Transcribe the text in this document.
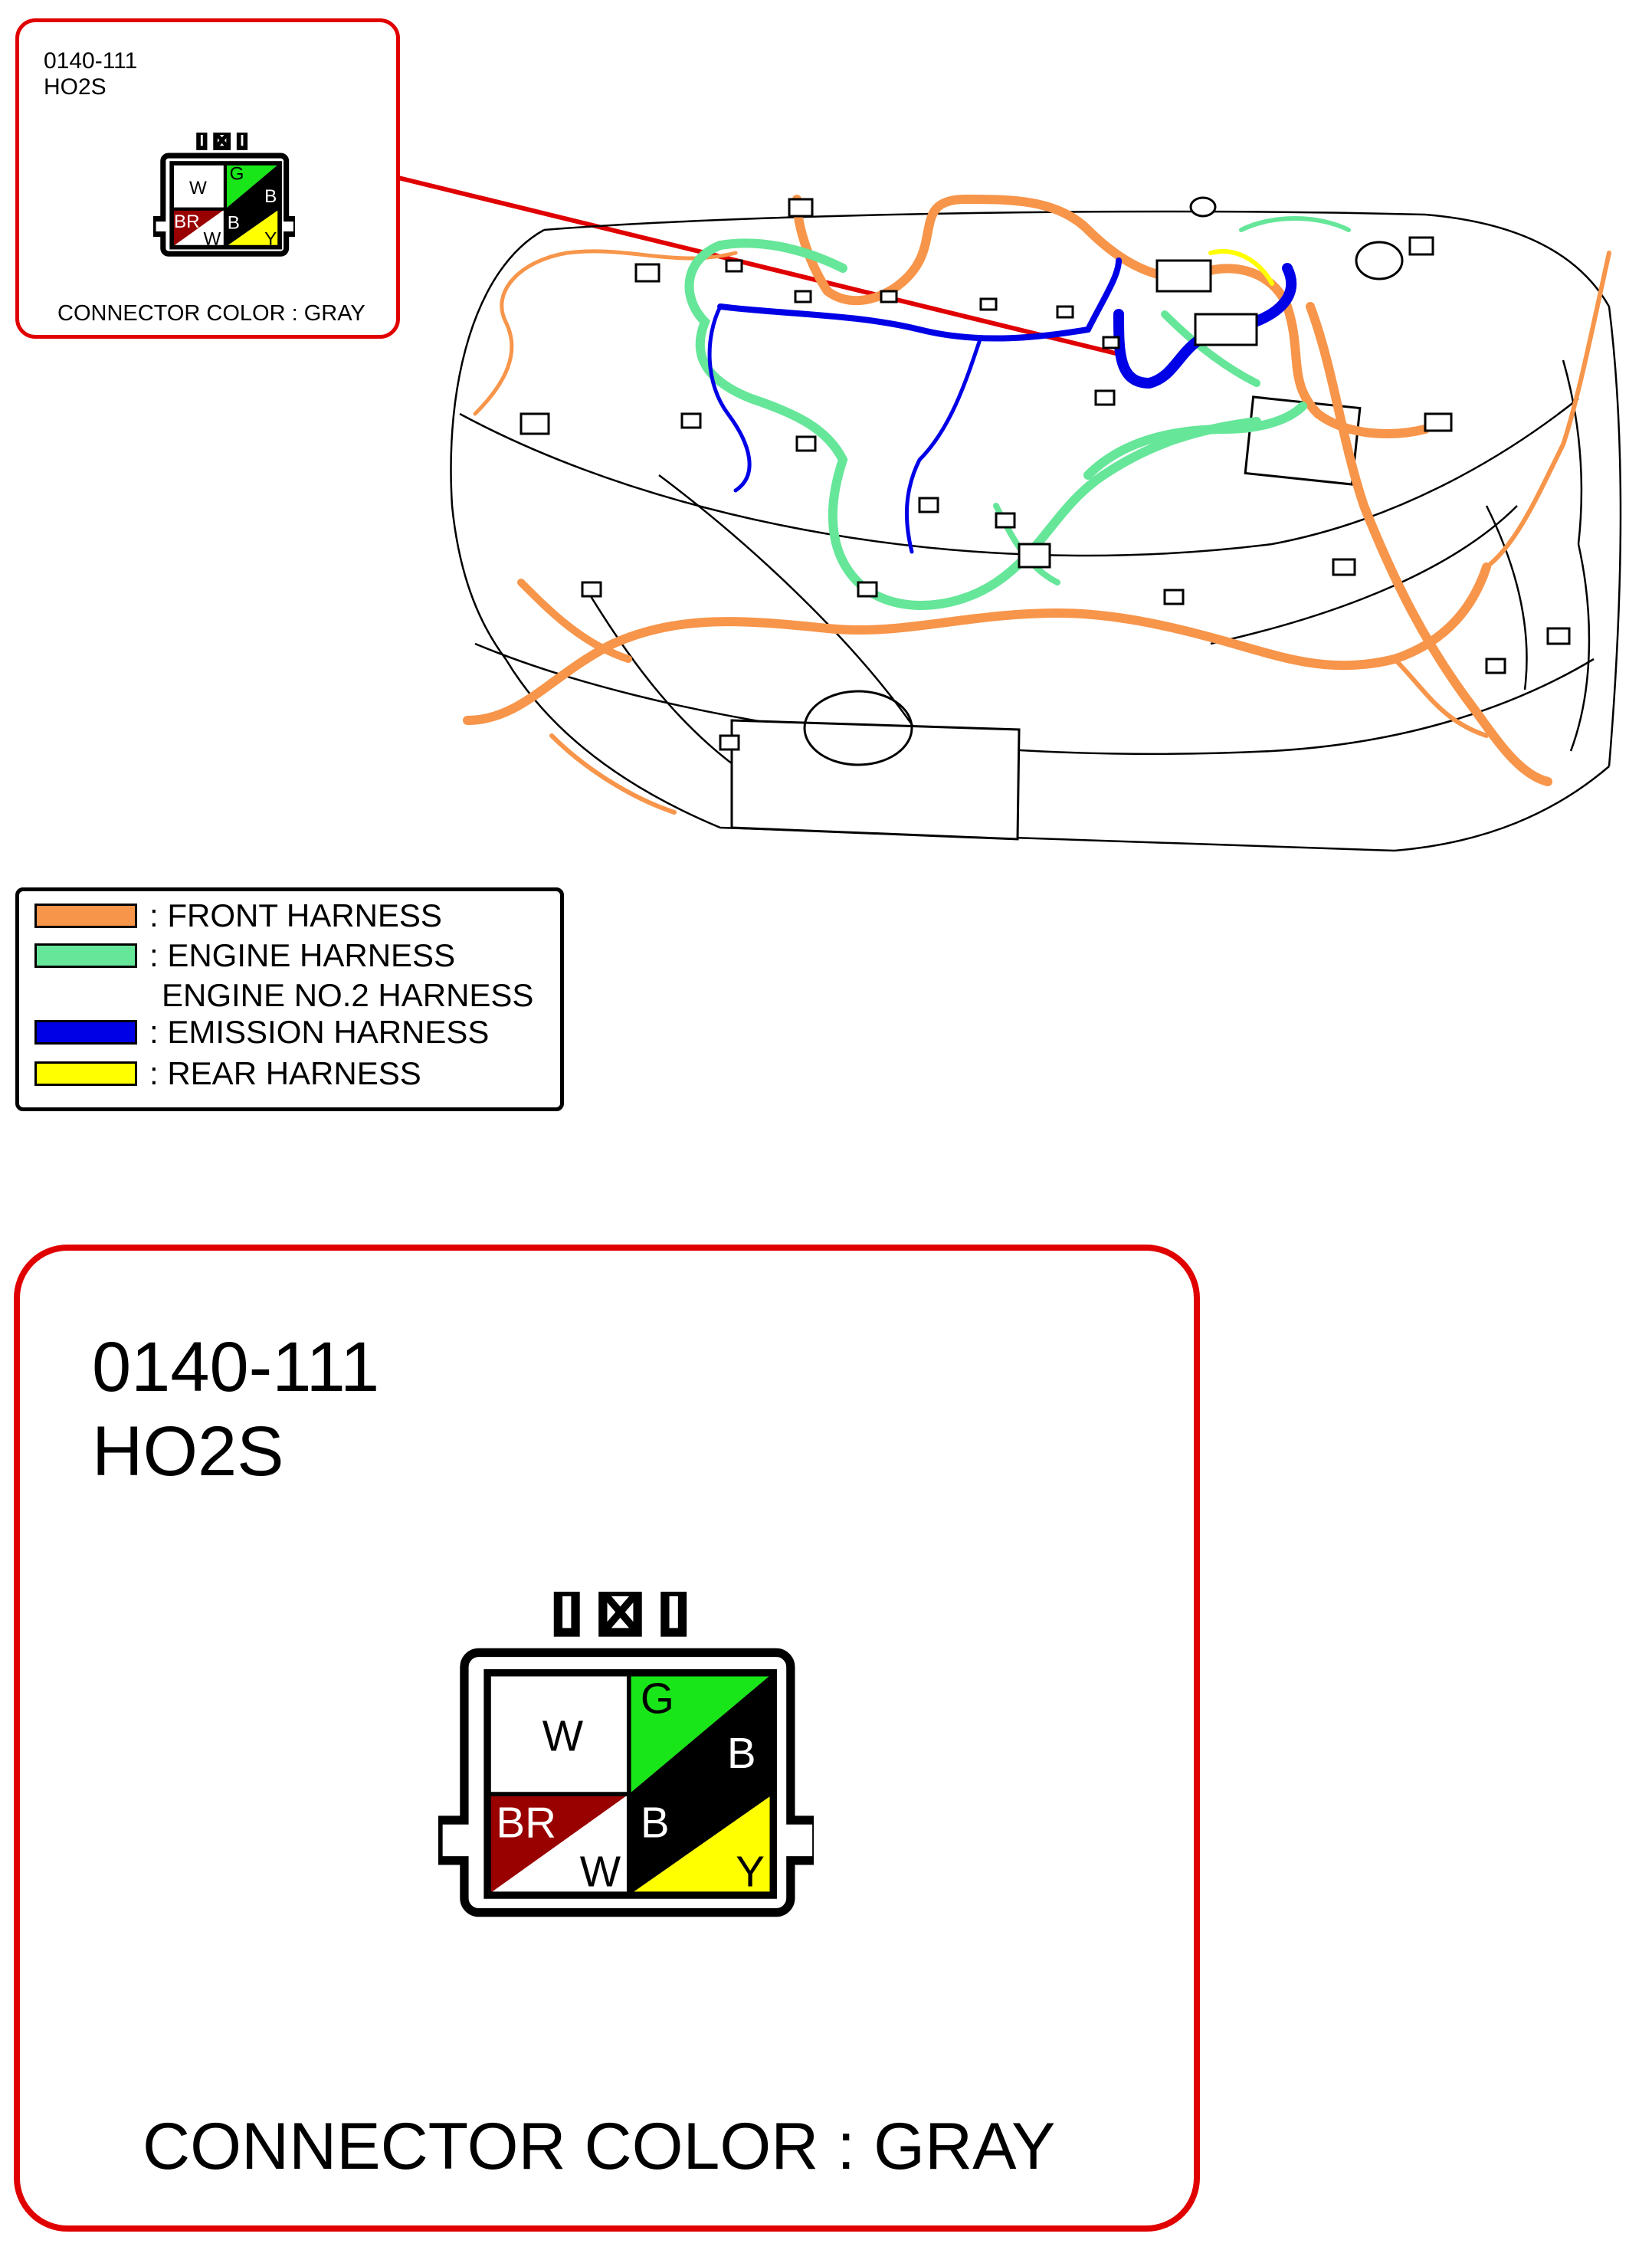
0140-111
HO2S
W
G
B
BR
W
B
Y
CONNECTOR COLOR : GRAY
: FRONT HARNESS
: ENGINE HARNESS
ENGINE NO.2 HARNESS
: EMISSION HARNESS
: REAR HARNESS
0140-111
HO2S
W
G
B
BR
W
B
Y
CONNECTOR COLOR : GRAY
